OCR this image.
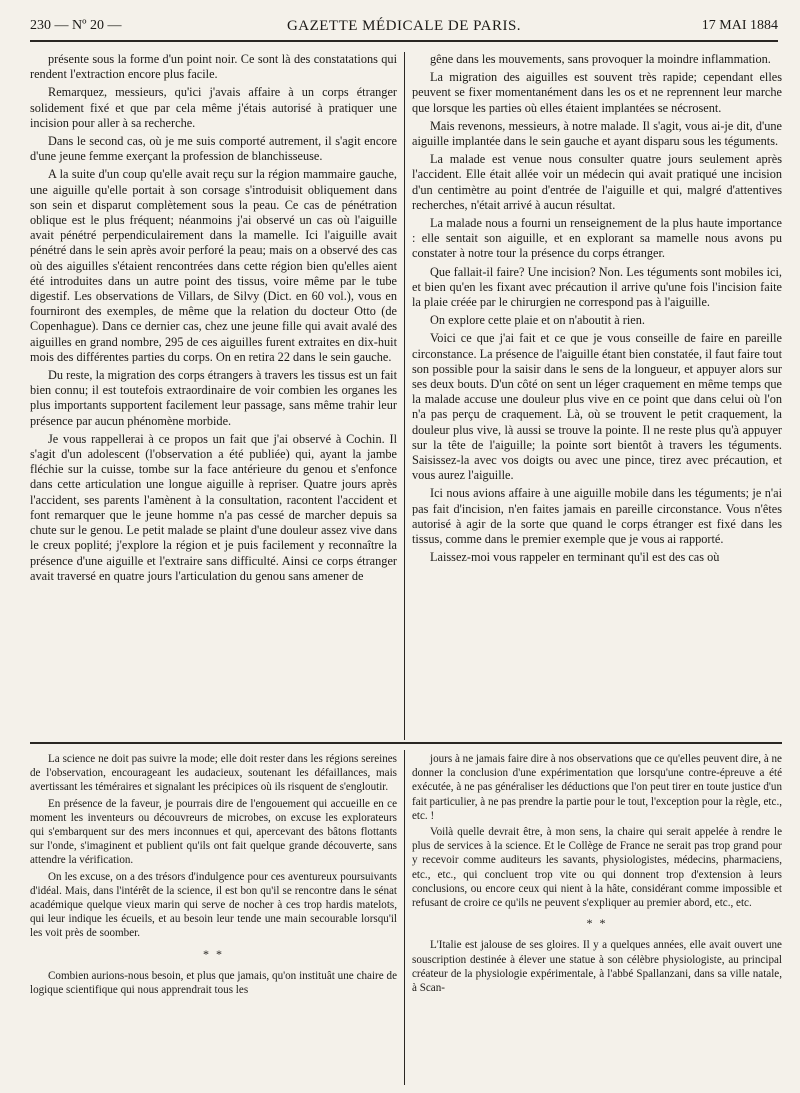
230 — Nº 20 —	GAZETTE MÉDICALE DE PARIS.	17 MAI 1884

présente sous la forme d'un point noir. Ce sont là des constatations qui rendent l'extraction encore plus facile.

Remarquez, messieurs, qu'ici j'avais affaire à un corps étranger solidement fixé et que par cela même j'étais autorisé à pratiquer une incision pour aller à sa recherche.

Dans le second cas, où je me suis comporté autrement, il s'agit encore d'une jeune femme exerçant la profession de blanchisseuse.

A la suite d'un coup qu'elle avait reçu sur la région mammaire gauche, une aiguille qu'elle portait à son corsage s'introduisit obliquement dans son sein et disparut complètement sous la peau. Ce cas de pénétration oblique est le plus fréquent; néanmoins j'ai observé un cas où l'aiguille avait pénétré perpendiculairement dans la mamelle. Ici l'aiguille avait pénétré dans le sein après avoir perforé la peau; mais on a observé des cas où des aiguilles s'étaient rencontrées dans cette région bien qu'elles aient été introduites dans un autre point des tissus, voire même par le tube digestif. Les observations de Villars, de Silvy (Dict. en 60 vol.), vous en fourniront des exemples, de même que la relation du docteur Otto (de Copenhague). Dans ce dernier cas, chez une jeune fille qui avait avalé des aiguilles en grand nombre, 295 de ces aiguilles furent extraites en dix-huit mois des différentes parties du corps. On en retira 22 dans le sein gauche.

Du reste, la migration des corps étrangers à travers les tissus est un fait bien connu; il est toutefois extraordinaire de voir combien les organes les plus importants supportent facilement leur passage, sans même trahir leur présence par aucun phénomène morbide.

Je vous rappellerai à ce propos un fait que j'ai observé à Cochin. Il s'agit d'un adolescent (l'observation a été publiée) qui, ayant la jambe fléchie sur la cuisse, tombe sur la face antérieure du genou et s'enfonce dans cette articulation une longue aiguille à repriser. Quatre jours après l'accident, ses parents l'amènent à la consultation, racontent l'accident et font remarquer que le jeune homme n'a pas cessé de marcher depuis sa chute sur le genou. Le petit malade se plaint d'une douleur assez vive dans le creux poplité; j'explore la région et je puis facilement y reconnaître la présence d'une aiguille et l'extraire sans difficulté. Ainsi ce corps étranger avait traversé en quatre jours l'articulation du genou sans amener de

gêne dans les mouvements, sans provoquer la moindre inflammation.

La migration des aiguilles est souvent très rapide; cependant elles peuvent se fixer momentanément dans les os et ne reprennent leur marche que lorsque les parties où elles étaient implantées se nécrosent.

Mais revenons, messieurs, à notre malade. Il s'agit, vous ai-je dit, d'une aiguille implantée dans le sein gauche et ayant disparu sous les téguments.

La malade est venue nous consulter quatre jours seulement après l'accident. Elle était allée voir un médecin qui avait pratiqué une incision d'un centimètre au point d'entrée de l'aiguille et qui, malgré d'attentives recherches, n'était arrivé à aucun résultat.

La malade nous a fourni un renseignement de la plus haute importance : elle sentait son aiguille, et en explorant sa mamelle nous avons pu constater à notre tour la présence du corps étranger.

Que fallait-il faire? Une incision? Non. Les téguments sont mobiles ici, et bien qu'en les fixant avec précaution il arrive qu'une fois l'incision faite la plaie créée par le chirurgien ne correspond pas à l'aiguille.

On explore cette plaie et on n'aboutit à rien.

Voici ce que j'ai fait et ce que je vous conseille de faire en pareille circonstance. La présence de l'aiguille étant bien constatée, il faut faire tout son possible pour la saisir dans le sens de la longueur, et appuyer alors sur ses deux bouts. D'un côté on sent un léger craquement en même temps que la malade accuse une douleur plus vive en ce point que dans celui où l'on n'a pas perçu de craquement. Là, où se trouvent le petit craquement, la douleur plus vive, là aussi se trouve la pointe. Il ne reste plus qu'à appuyer sur la tête de l'aiguille; la pointe sort bientôt à travers les téguments. Saisissez-la avec vos doigts ou avec une pince, tirez avec précaution, et vous aurez l'aiguille.

Ici nous avions affaire à une aiguille mobile dans les téguments; je n'ai pas fait d'incision, n'en faites jamais en pareille circonstance. Vous n'êtes autorisé à agir de la sorte que quand le corps étranger est fixé dans les tissus, comme dans le premier exemple que je vous ai rapporté.

Laissez-moi vous rappeler en terminant qu'il est des cas où

La science ne doit pas suivre la mode; elle doit rester dans les régions sereines de l'observation, encourageant les audacieux, soutenant les défaillances, mais avertissant les téméraires et signalant les précipices où ils risquent de s'engloutir.

En présence de la faveur, je pourrais dire de l'engouement qui accueille en ce moment les inventeurs ou découvreurs de microbes, on excuse les explorateurs qui s'embarquent sur des mers inconnues et qui, apercevant des bâtons flottants sur l'onde, s'imaginent et publient qu'ils ont fait quelque grande découverte, sans attendre la vérification.

On les excuse, on a des trésors d'indulgence pour ces aventureux poursuivants d'idéal. Mais, dans l'intérêt de la science, il est bon qu'il se rencontre dans le sénat académique quelque vieux marin qui serve de nocher à ces trop hardis matelots, qui leur indique les écueils, et au besoin leur tende une main secourable lorsqu'il les voit près de soomber.

* *

Combien aurions-nous besoin, et plus que jamais, qu'on instituât une chaire de logique scientifique qui nous apprendrait tous les

jours à ne jamais faire dire à nos observations que ce qu'elles peuvent dire, à ne donner la conclusion d'une expérimentation que lorsqu'une contre-épreuve a été exécutée, à ne pas généraliser les déductions que l'on peut tirer en toute justice d'un fait particulier, à ne pas prendre la partie pour le tout, l'exception pour la règle, etc., etc. !

Voilà quelle devrait être, à mon sens, la chaire qui serait appelée à rendre le plus de services à la science. Et le Collège de France ne serait pas trop grand pour y recevoir comme auditeurs les savants, physiologistes, médecins, pharmaciens, etc., etc., qui concluent trop vite ou qui donnent trop d'extension à leurs conclusions, ou encore ceux qui nient à la hâte, considérant comme impossible et refusant de croire ce qu'ils ne peuvent s'expliquer au premier abord, etc., etc.

* *

L'Italie est jalouse de ses gloires. Il y a quelques années, elle avait ouvert une souscription destinée à élever une statue à son célèbre physiologiste, au principal créateur de la physiologie expérimentale, à l'abbé Spallanzani, dans sa ville natale, à Scan-
